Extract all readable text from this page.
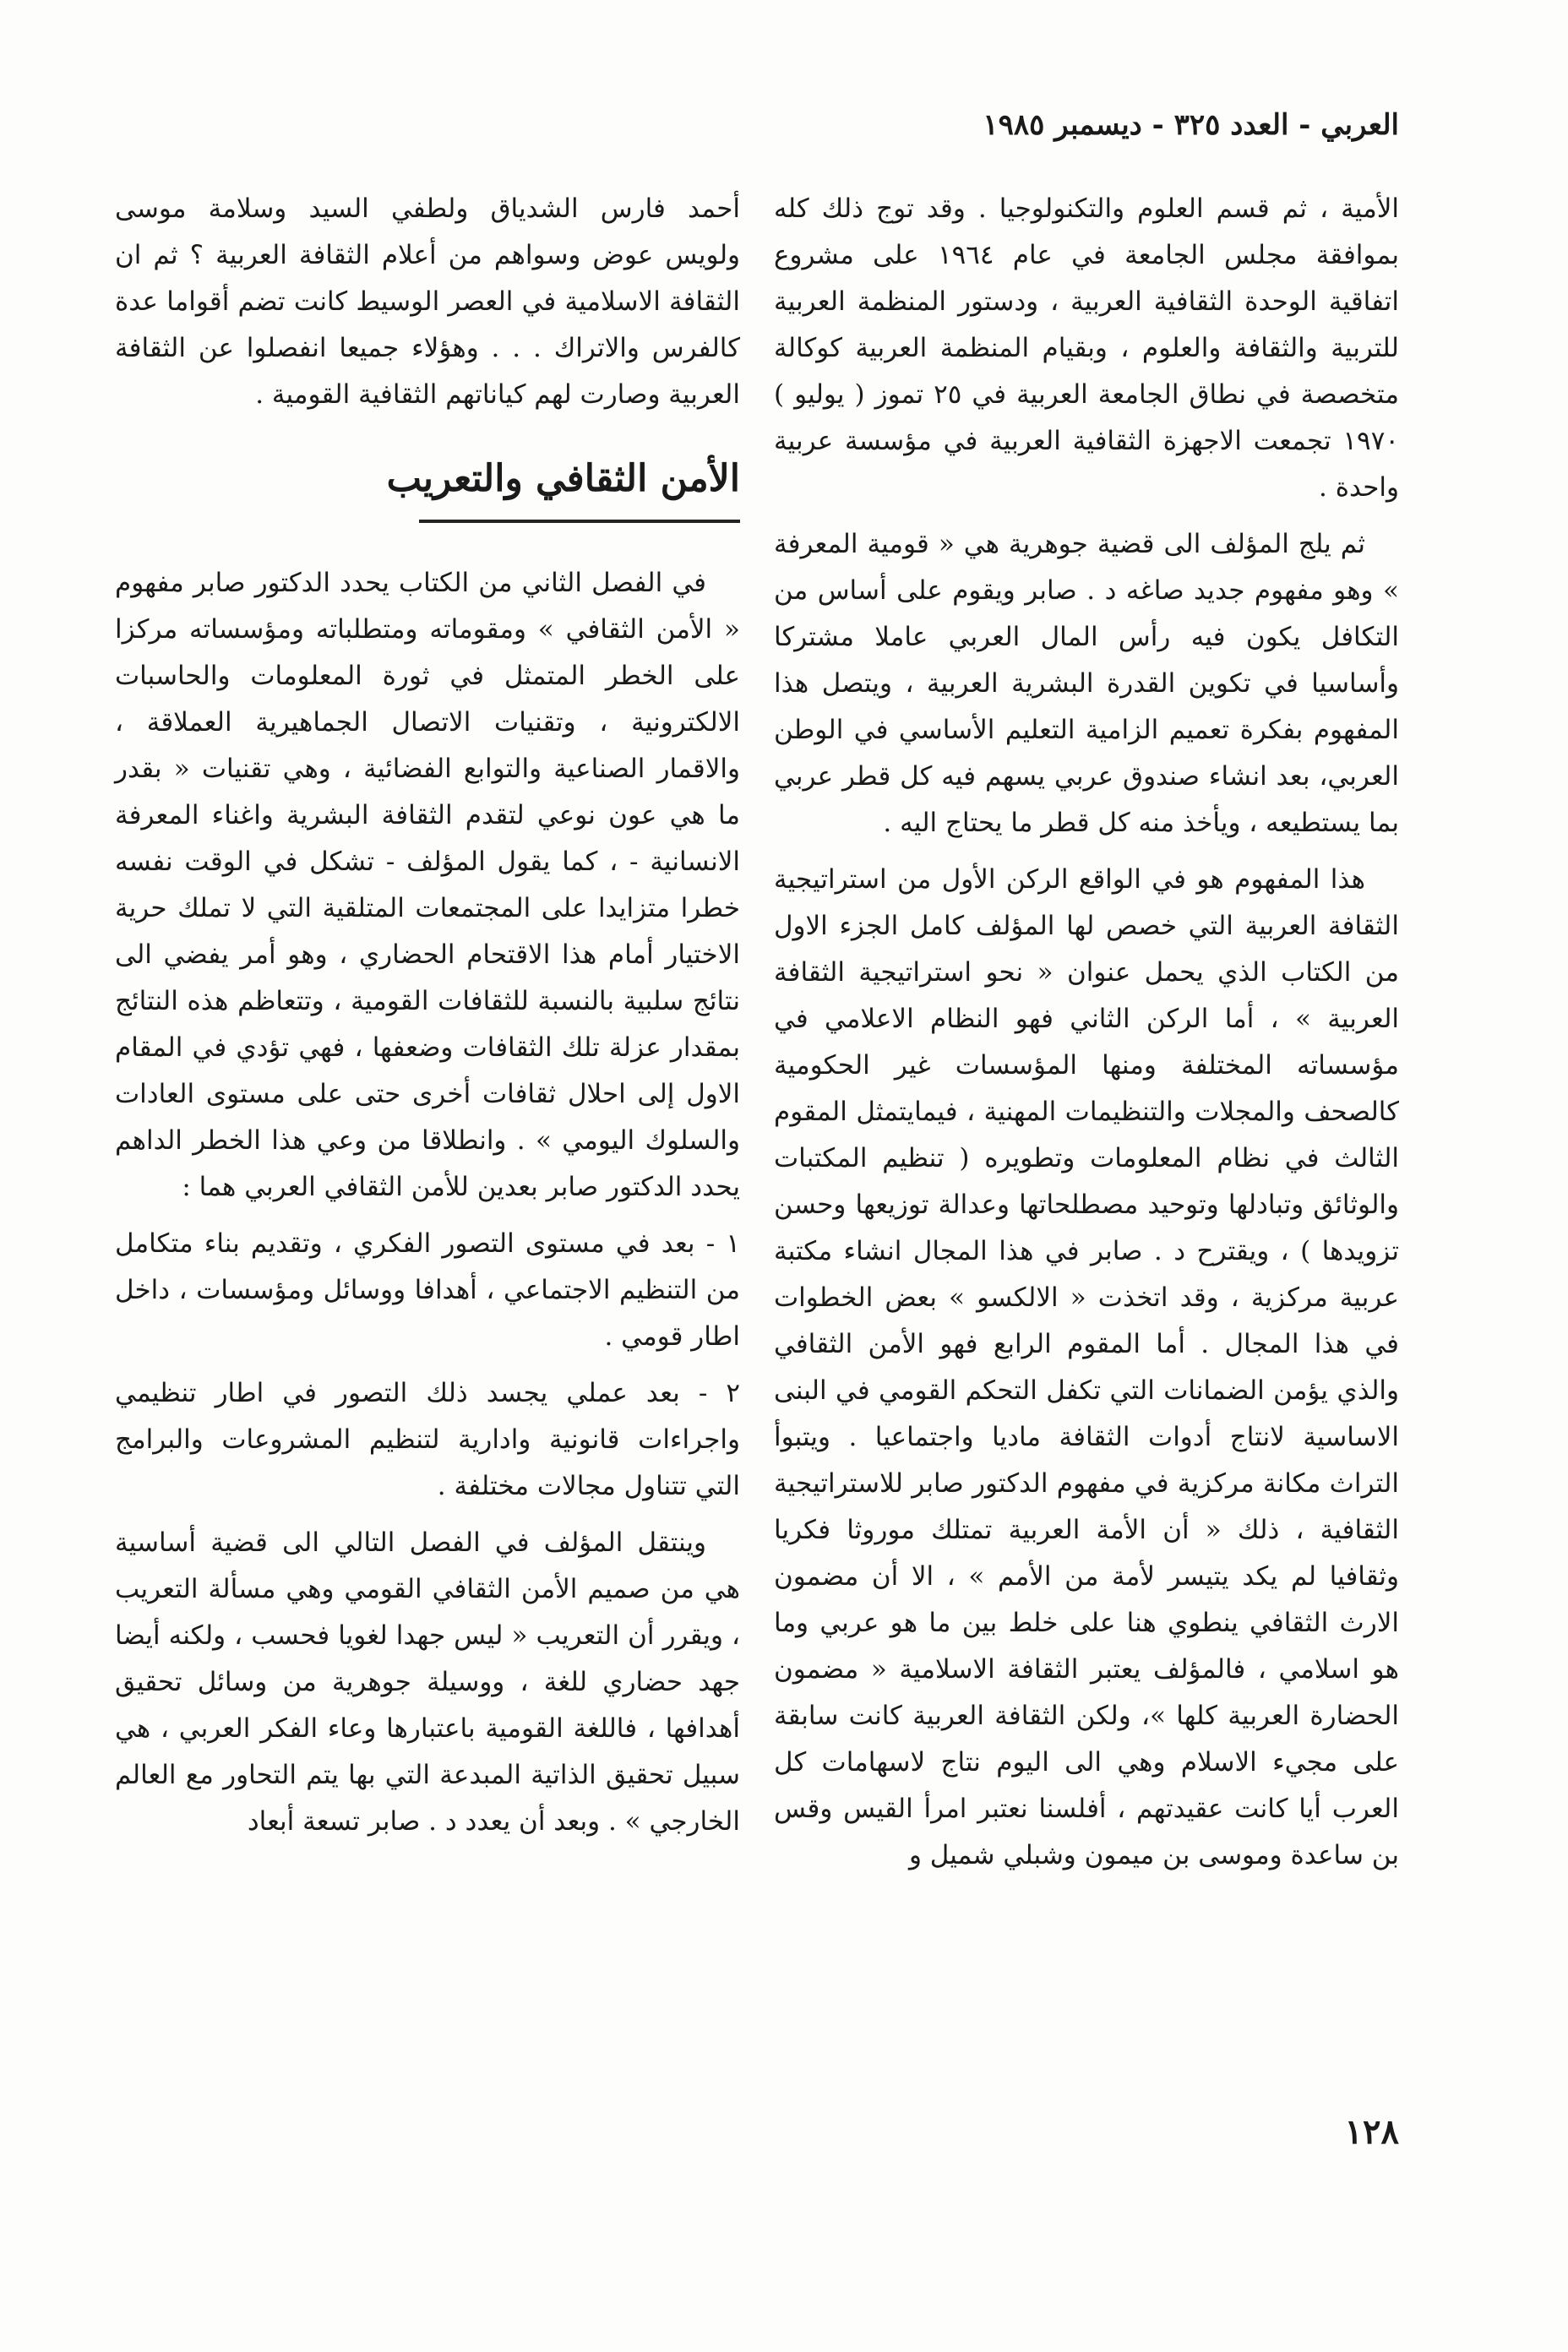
العربي - العدد ٣٢٥ - ديسمبر ١٩٨٥

الأمية ، ثم قسم العلوم والتكنولوجيا . وقد توج ذلك كله بموافقة مجلس الجامعة في عام ١٩٦٤ على مشروع اتفاقية الوحدة الثقافية العربية ، ودستور المنظمة العربية للتربية والثقافة والعلوم ، وبقيام المنظمة العربية كوكالة متخصصة في نطاق الجامعة العربية في ٢٥ تموز ( يوليو ) ١٩٧٠ تجمعت الاجهزة الثقافية العربية في مؤسسة عربية واحدة .

ثم يلج المؤلف الى قضية جوهرية هي « قومية المعرفة » وهو مفهوم جديد صاغه د . صابر ويقوم على أساس من التكافل يكون فيه رأس المال العربي عاملا مشتركا وأساسيا في تكوين القدرة البشرية العربية ، ويتصل هذا المفهوم بفكرة تعميم الزامية التعليم الأساسي في الوطن العربي، بعد انشاء صندوق عربي يسهم فيه كل قطر عربي بما يستطيعه ، ويأخذ منه كل قطر ما يحتاج اليه .

هذا المفهوم هو في الواقع الركن الأول من استراتيجية الثقافة العربية التي خصص لها المؤلف كامل الجزء الاول من الكتاب الذي يحمل عنوان « نحو استراتيجية الثقافة العربية » ، أما الركن الثاني فهو النظام الاعلامي في مؤسساته المختلفة ومنها المؤسسات غير الحكومية كالصحف والمجلات والتنظيمات المهنية ، فيمايتمثل المقوم الثالث في نظام المعلومات وتطويره ( تنظيم المكتبات والوثائق وتبادلها وتوحيد مصطلحاتها وعدالة توزيعها وحسن تزويدها ) ، ويقترح د . صابر في هذا المجال انشاء مكتبة عربية مركزية ، وقد اتخذت « الالكسو » بعض الخطوات في هذا المجال . أما المقوم الرابع فهو الأمن الثقافي والذي يؤمن الضمانات التي تكفل التحكم القومي في البنى الاساسية لانتاج أدوات الثقافة ماديا واجتماعيا . ويتبوأ التراث مكانة مركزية في مفهوم الدكتور صابر للاستراتيجية الثقافية ، ذلك « أن الأمة العربية تمتلك موروثا فكريا وثقافيا لم يكد يتيسر لأمة من الأمم » ، الا أن مضمون الارث الثقافي ينطوي هنا على خلط بين ما هو عربي وما هو اسلامي ، فالمؤلف يعتبر الثقافة الاسلامية « مضمون الحضارة العربية كلها »، ولكن الثقافة العربية كانت سابقة على مجيء الاسلام وهي الى اليوم نتاج لاسهامات كل العرب أيا كانت عقيدتهم ، أفلسنا نعتبر امرأ القيس وقس بن ساعدة وموسى بن ميمون وشبلي شميل و

أحمد فارس الشدياق ولطفي السيد وسلامة موسى ولويس عوض وسواهم من أعلام الثقافة العربية ؟ ثم ان الثقافة الاسلامية في العصر الوسيط كانت تضم أقواما عدة كالفرس والاتراك . . . وهؤلاء جميعا انفصلوا عن الثقافة العربية وصارت لهم كياناتهم الثقافية القومية .

الأمن الثقافي والتعريب

في الفصل الثاني من الكتاب يحدد الدكتور صابر مفهوم « الأمن الثقافي » ومقوماته ومتطلباته ومؤسساته مركزا على الخطر المتمثل في ثورة المعلومات والحاسبات الالكترونية ، وتقنيات الاتصال الجماهيرية العملاقة ، والاقمار الصناعية والتوابع الفضائية ، وهي تقنيات « بقدر ما هي عون نوعي لتقدم الثقافة البشرية واغناء المعرفة الانسانية - ، كما يقول المؤلف - تشكل في الوقت نفسه خطرا متزايدا على المجتمعات المتلقية التي لا تملك حرية الاختيار أمام هذا الاقتحام الحضاري ، وهو أمر يفضي الى نتائج سلبية بالنسبة للثقافات القومية ، وتتعاظم هذه النتائج بمقدار عزلة تلك الثقافات وضعفها ، فهي تؤدي في المقام الاول إلى احلال ثقافات أخرى حتى على مستوى العادات والسلوك اليومي » . وانطلاقا من وعي هذا الخطر الداهم يحدد الدكتور صابر بعدين للأمن الثقافي العربي هما :

١ - بعد في مستوى التصور الفكري ، وتقديم بناء متكامل من التنظيم الاجتماعي ، أهدافا ووسائل ومؤسسات ، داخل اطار قومي .

٢ - بعد عملي يجسد ذلك التصور في اطار تنظيمي واجراءات قانونية وادارية لتنظيم المشروعات والبرامج التي تتناول مجالات مختلفة .

وينتقل المؤلف في الفصل التالي الى قضية أساسية هي من صميم الأمن الثقافي القومي وهي مسألة التعريب ، ويقرر أن التعريب « ليس جهدا لغويا فحسب ، ولكنه أيضا جهد حضاري للغة ، ووسيلة جوهرية من وسائل تحقيق أهدافها ، فاللغة القومية باعتبارها وعاء الفكر العربي ، هي سبيل تحقيق الذاتية المبدعة التي بها يتم التحاور مع العالم الخارجي » . وبعد أن يعدد د . صابر تسعة أبعاد

١٢٨
